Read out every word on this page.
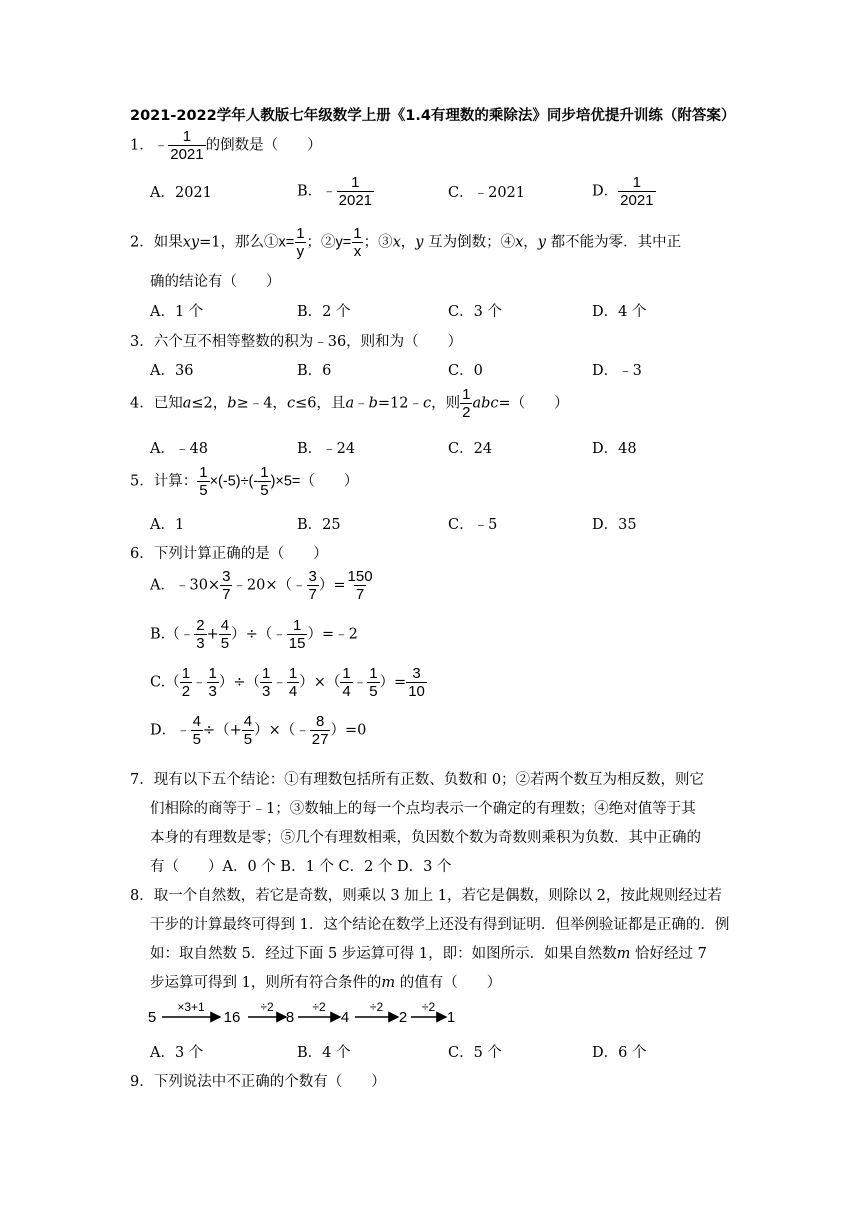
2021-2022学年人教版七年级数学上册《1.4有理数的乘除法》同步培优提升训练（附答案）
1．﹣ $\frac{1}{2021}$ 的倒数是（　　）
A．2021	B．﹣ $\frac{1}{2021}$	C．﹣2021	D． $\frac{1}{2021}$
2．如果xy=1，那么①x= $\frac{1}{y}$ ；②y= $\frac{1}{x}$ ；③x，y 互为倒数；④x，y 都不能为零．其中正
确的结论有（　　）
A．1 个	B．2 个	C．3 个	D．4 个
3．六个互不相等整数的积为﹣36，则和为（　　）
A．36	B．6	C．0	D．﹣3
4．已知a≤2，b≥﹣4，c≤6，且a﹣b=12﹣c，则 $\frac{1}{2} abc=$（　　）
A．﹣48	B．﹣24	C．24	D．48
5．计算： $\frac{1}{5} \times(-5)\div(- \frac{1}{5} )\times 5=$（　　）
A．1	B．25	C．﹣5	D．35
6．下列计算正确的是（　　）
A．﹣30× $\frac{3}{7}$ ﹣20×（﹣ $\frac{3}{7}$ ）= $\frac{150}{7}$
B.（﹣ $\frac{2}{3} + \frac{4}{5}$ ）÷（﹣ $\frac{1}{15}$ ）=﹣2
$C.( \frac{1}{2}$ ﹣ $\frac{1}{3}$ ）÷（ $\frac{1}{3}$ ﹣ $\frac{1}{4}$ ）×（ $\frac{1}{4}$ ﹣ $\frac{1}{5}$ ）= $\frac{3}{10}$
D．﹣ $\frac{4}{5}$ ÷（+ $\frac{4}{5}$ ）×（﹣ $\frac{8}{27} )=0$
7．现有以下五个结论：①有理数包括所有正数、负数和 0；②若两个数互为相反数，则它
们相除的商等于﹣1；③数轴上的每一个点均表示一个确定的有理数；④绝对值等于其
本身的有理数是零；⑤几个有理数相乘，负因数个数为奇数则乘积为负数．其中正确的
有（　　）A．0 个 B．1 个 C．2 个 D．3 个
8．取一个自然数，若它是奇数，则乘以 3 加上 1，若它是偶数，则除以 2，按此规则经过若
干步的计算最终可得到 1．这个结论在数学上还没有得到证明．但举例验证都是正确的．例
如：取自然数 5．经过下面 5 步运算可得 1，即：如图所示．如果自然数m 恰好经过 7
步运算可得到 1，则所有符合条件的m 的值有（　　）
5	16	8	4	2	1
×3+1	÷2	÷2	÷2	÷2
A．3 个	B．4 个	C．5 个	D．6 个
9．下列说法中不正确的个数有（　　）
